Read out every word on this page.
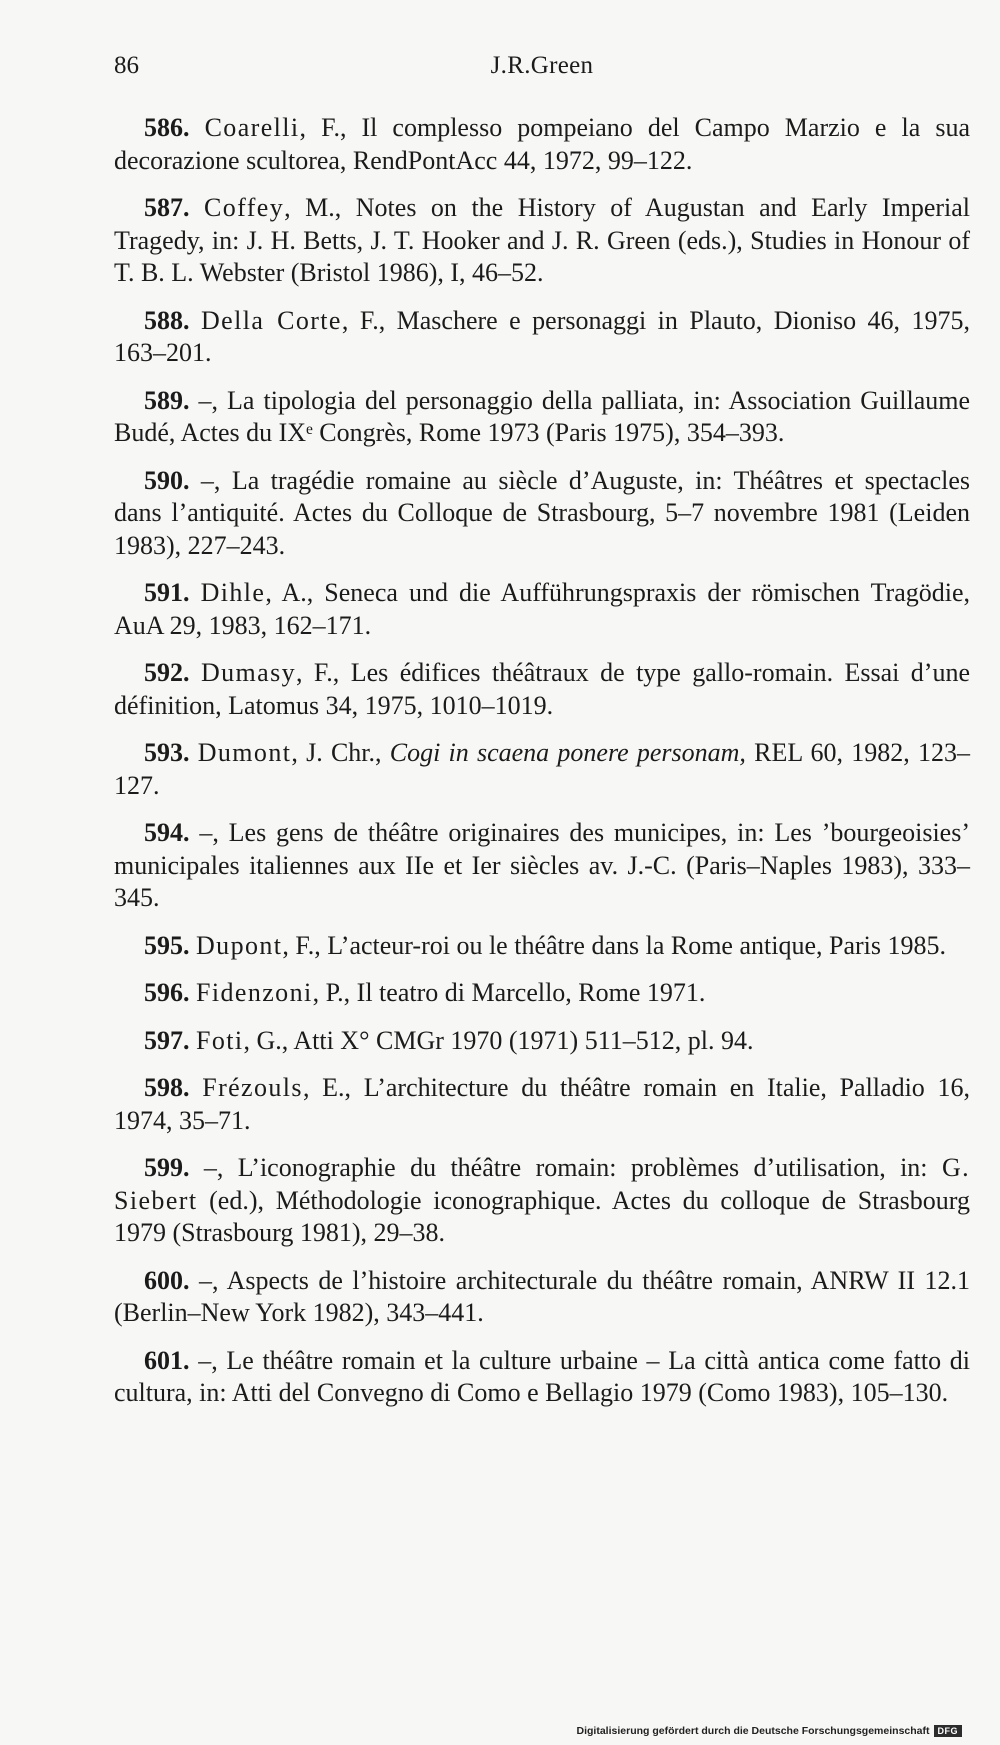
86	J.R.Green

586. Coarelli, F., Il complesso pompeiano del Campo Marzio e la sua decorazione scultorea, RendPontAcc 44, 1972, 99–122.

587. Coffey, M., Notes on the History of Augustan and Early Imperial Tragedy, in: J. H. Betts, J. T. Hooker and J. R. Green (eds.), Studies in Honour of T. B. L. Webster (Bristol 1986), I, 46–52.

588. Della Corte, F., Maschere e personaggi in Plauto, Dioniso 46, 1975, 163–201.

589. –, La tipologia del personaggio della palliata, in: Association Guillaume Budé, Actes du IXᵉ Congrès, Rome 1973 (Paris 1975), 354–393.

590. –, La tragédie romaine au siècle d’Auguste, in: Théâtres et spectacles dans l’antiquité. Actes du Colloque de Strasbourg, 5–7 novembre 1981 (Leiden 1983), 227–243.

591. Dihle, A., Seneca und die Aufführungspraxis der römischen Tragödie, AuA 29, 1983, 162–171.

592. Dumasy, F., Les édifices théâtraux de type gallo-romain. Essai d’une définition, Latomus 34, 1975, 1010–1019.

593. Dumont, J. Chr., Cogi in scaena ponere personam, REL 60, 1982, 123–127.

594. –, Les gens de théâtre originaires des municipes, in: Les ’bourgeoisies’ municipales italiennes aux IIe et Ier siècles av. J.-C. (Paris–Naples 1983), 333–345.

595. Dupont, F., L’acteur-roi ou le théâtre dans la Rome antique, Paris 1985.

596. Fidenzoni, P., Il teatro di Marcello, Rome 1971.

597. Foti, G., Atti X° CMGr 1970 (1971) 511–512, pl. 94.

598. Frézouls, E., L’architecture du théâtre romain en Italie, Palladio 16, 1974, 35–71.

599. –, L’iconographie du théâtre romain: problèmes d’utilisation, in: G. Siebert (ed.), Méthodologie iconographique. Actes du colloque de Strasbourg 1979 (Strasbourg 1981), 29–38.

600. –, Aspects de l’histoire architecturale du théâtre romain, ANRW II 12.1 (Berlin–New York 1982), 343–441.

601. –, Le théâtre romain et la culture urbaine – La città antica come fatto di cultura, in: Atti del Convegno di Como e Bellagio 1979 (Como 1983), 105–130.

Digitalisierung gefördert durch die Deutsche Forschungsgemeinschaft DFG
